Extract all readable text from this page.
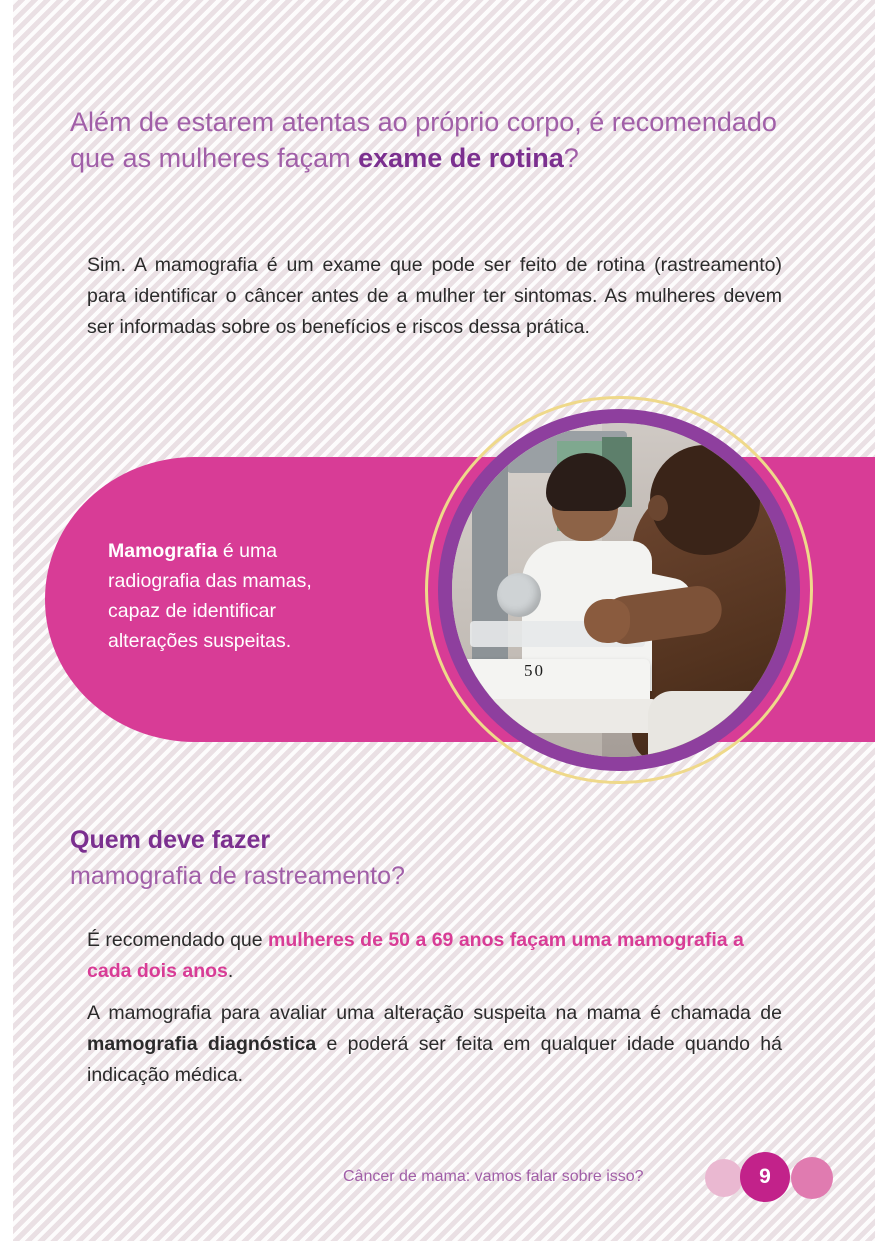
Além de estarem atentas ao próprio corpo, é recomendado que as mulheres façam exame de rotina?
Sim. A mamografia é um exame que pode ser feito de rotina (rastreamento) para identificar o câncer antes de a mulher ter sintomas. As mulheres devem ser informadas sobre os benefícios e riscos dessa prática.
Mamografia é uma radiografia das mamas, capaz de identificar alterações suspeitas.
50
Quem deve fazer
mamografia de rastreamento?
É recomendado que mulheres de 50 a 69 anos façam uma mamografia a cada dois anos.
A mamografia para avaliar uma alteração suspeita na mama é chamada de mamografia diagnóstica e poderá ser feita em qualquer idade quando há indicação médica.
Câncer de mama: vamos falar sobre isso?	9
